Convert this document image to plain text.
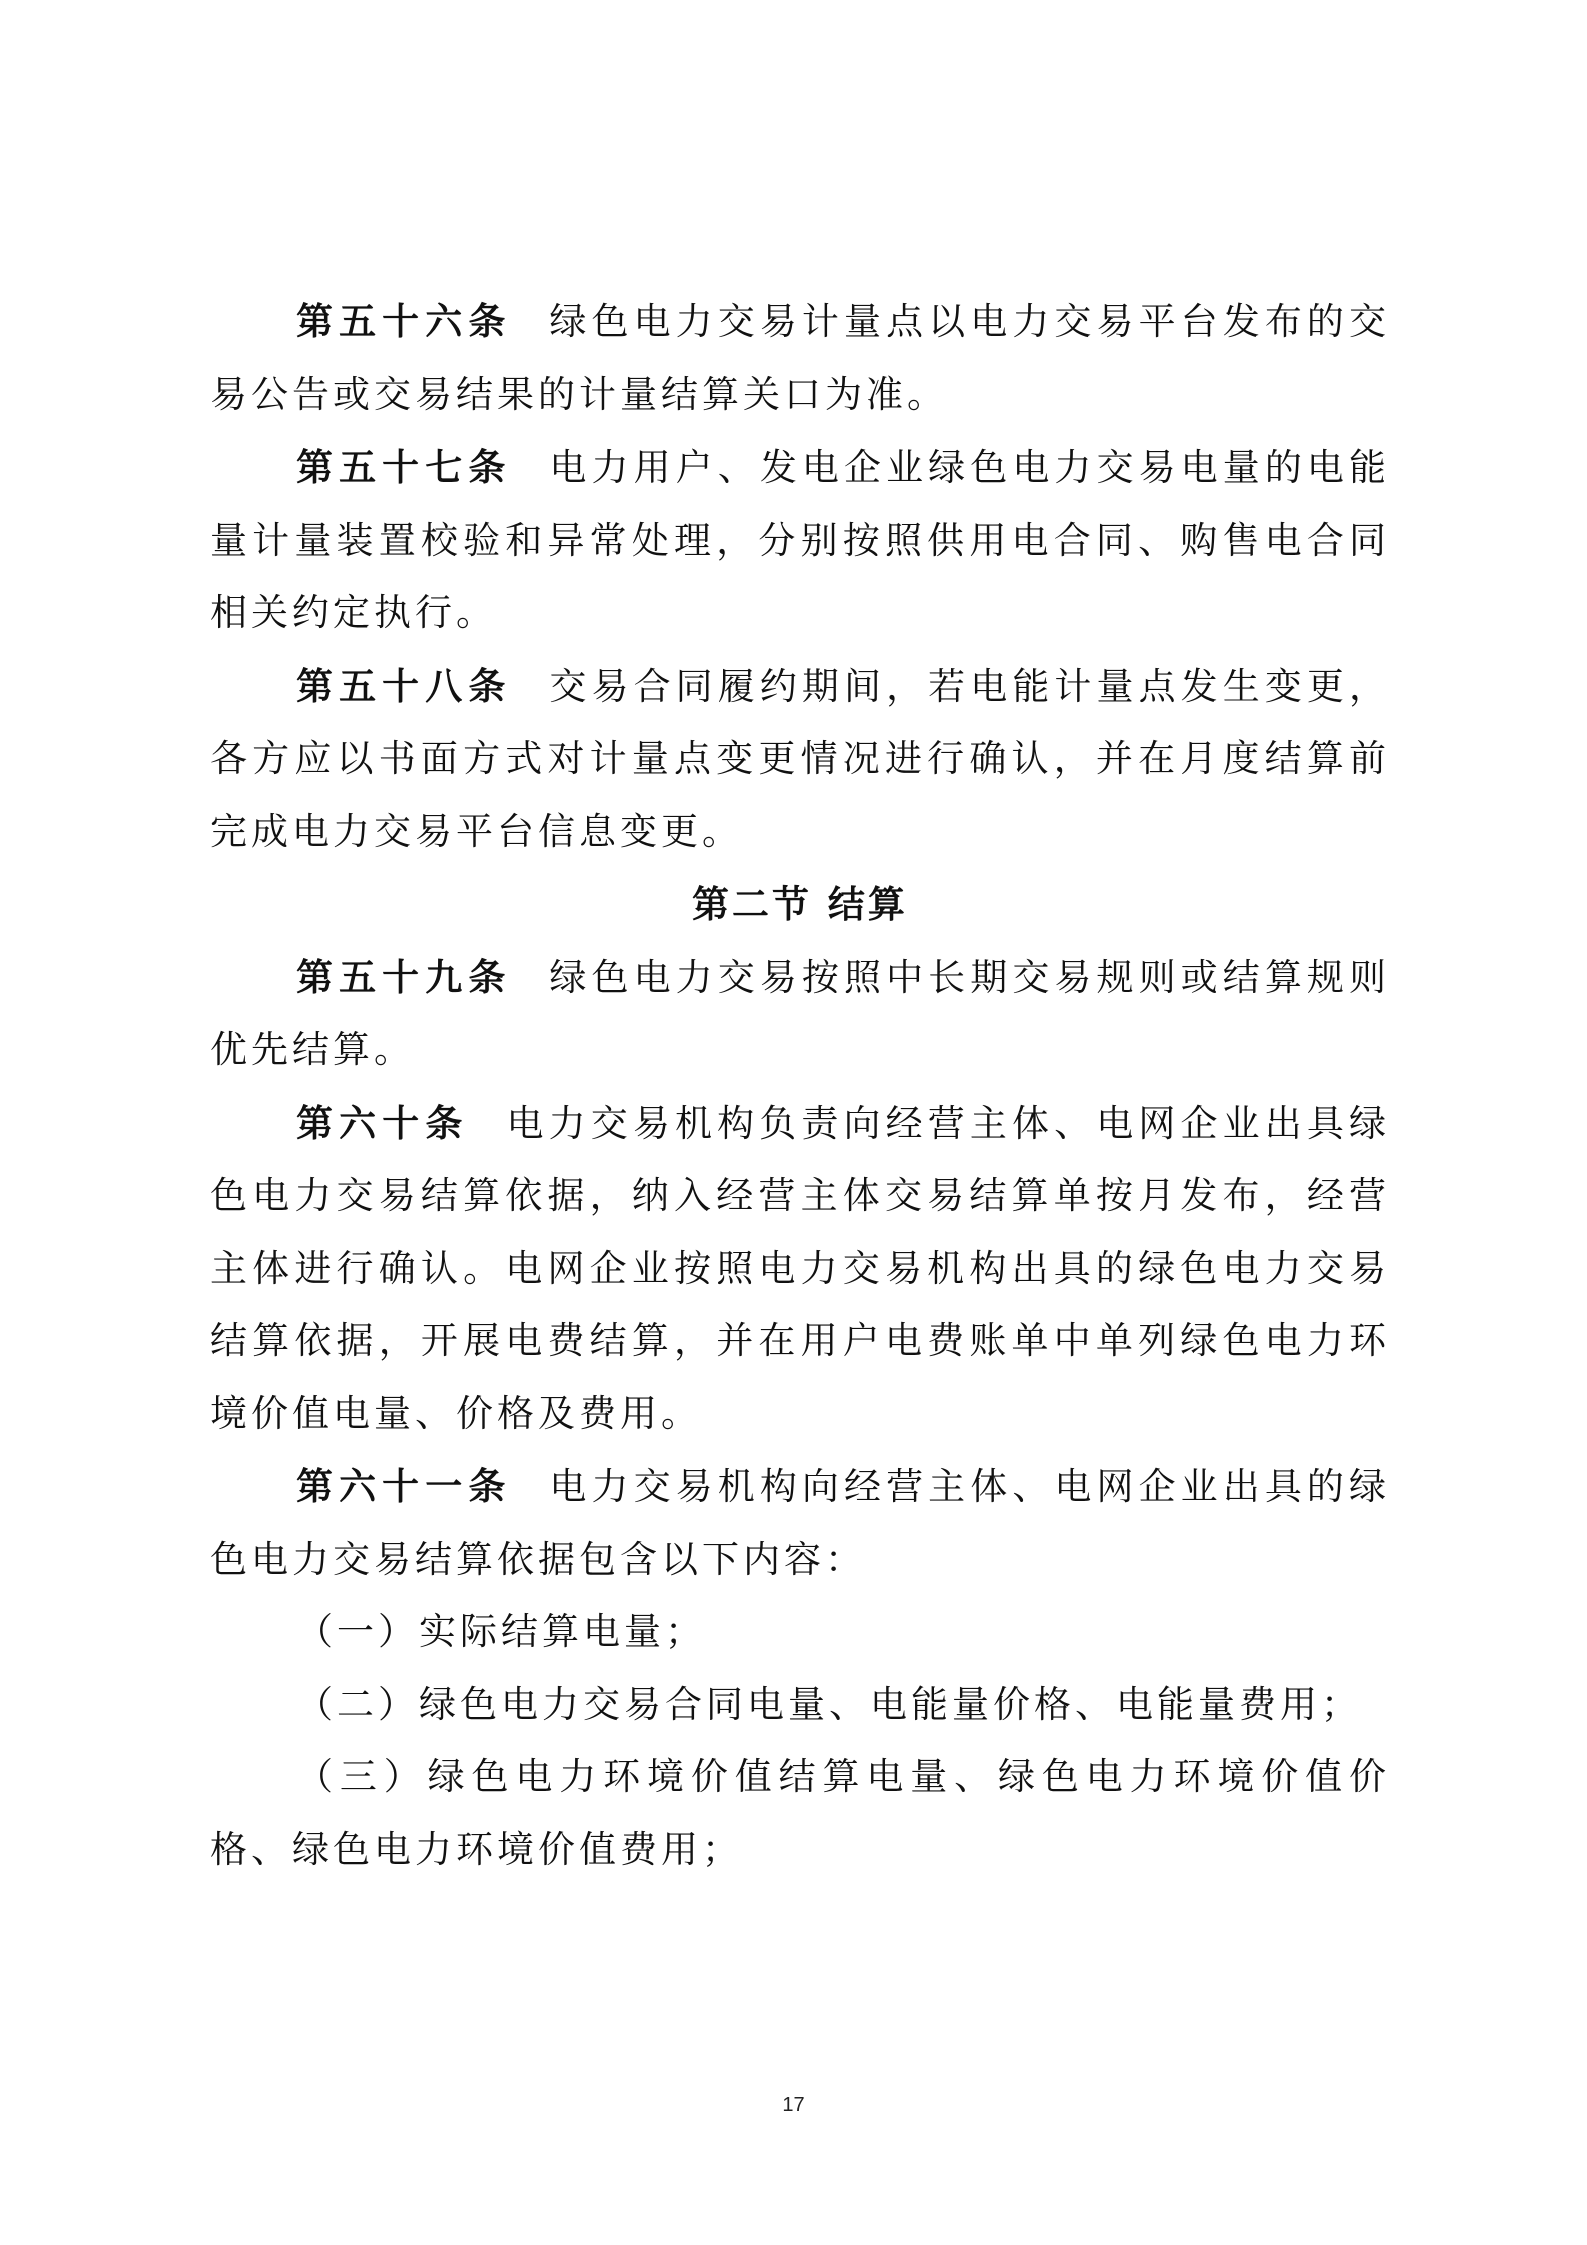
第五十六条 绿色电力交易计量点以电力交易平台发布的交易公告或交易结果的计量结算关口为准。

第五十七条 电力用户、发电企业绿色电力交易电量的电能量计量装置校验和异常处理，分别按照供用电合同、购售电合同相关约定执行。

第五十八条 交易合同履约期间，若电能计量点发生变更，各方应以书面方式对计量点变更情况进行确认，并在月度结算前完成电力交易平台信息变更。

第二节 结算

第五十九条 绿色电力交易按照中长期交易规则或结算规则优先结算。

第六十条 电力交易机构负责向经营主体、电网企业出具绿色电力交易结算依据，纳入经营主体交易结算单按月发布，经营主体进行确认。电网企业按照电力交易机构出具的绿色电力交易结算依据，开展电费结算，并在用户电费账单中单列绿色电力环境价值电量、价格及费用。

第六十一条 电力交易机构向经营主体、电网企业出具的绿色电力交易结算依据包含以下内容：

（一）实际结算电量；

（二）绿色电力交易合同电量、电能量价格、电能量费用；

（三）绿色电力环境价值结算电量、绿色电力环境价值价格、绿色电力环境价值费用；

17
